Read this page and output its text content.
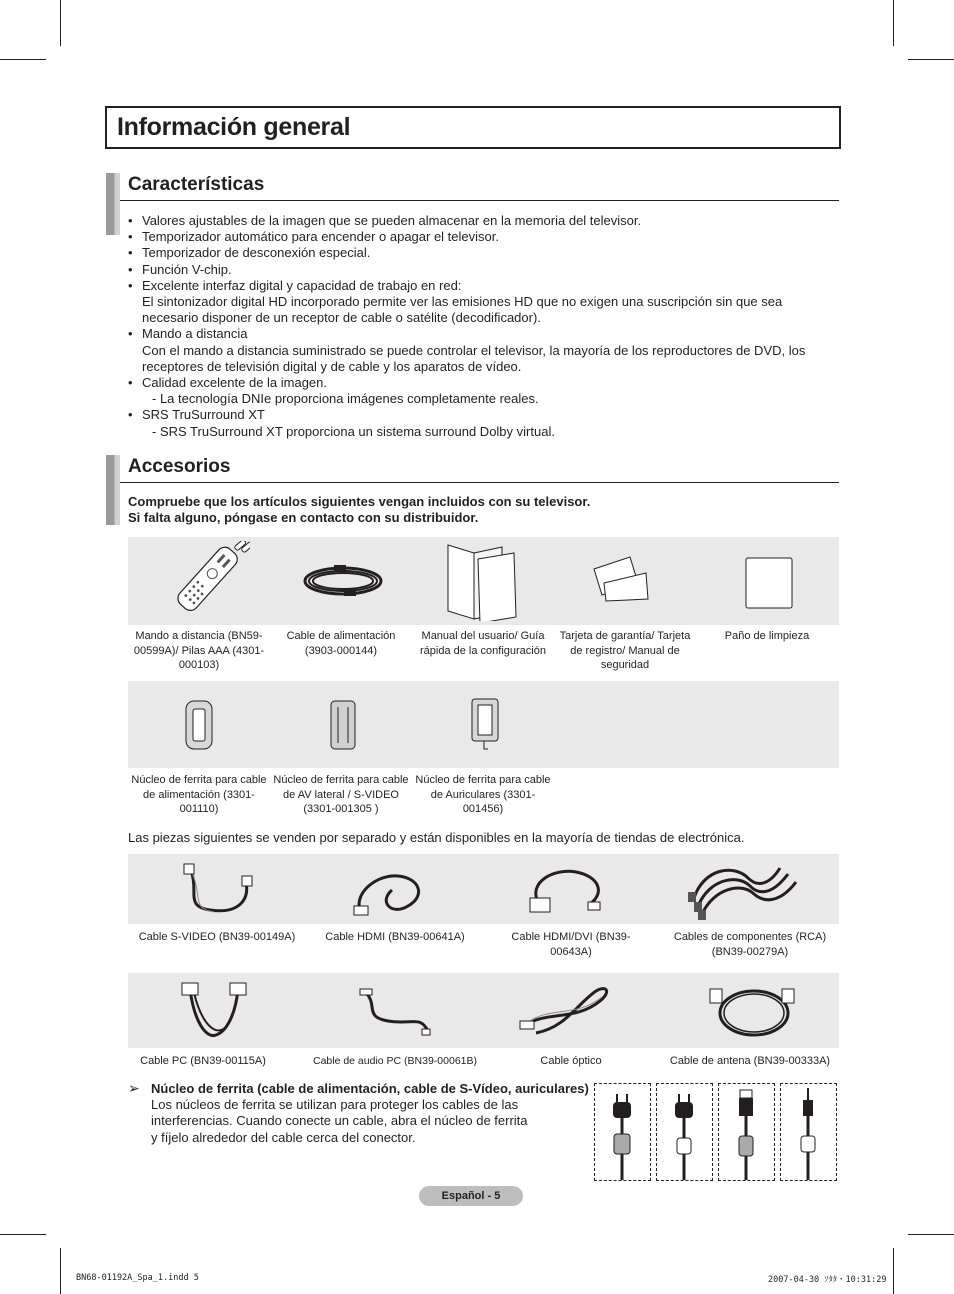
Información general
Características
• Valores ajustables de la imagen que se pueden almacenar en la memoria del televisor.
• Temporizador automático para encender o apagar el televisor.
• Temporizador de desconexión especial.
• Función V-chip.
• Excelente interfaz digital y capacidad de trabajo en red:
El sintonizador digital HD incorporado permite ver las emisiones HD que no exigen una suscripción sin que sea necesario disponer de un receptor de cable o satélite (decodificador).
• Mando a distancia
Con el mando a distancia suministrado se puede controlar el televisor, la mayoría de los reproductores de DVD, los receptores de televisión digital y de cable y los aparatos de vídeo.
• Calidad excelente de la imagen.
- La tecnología DNIe proporciona imágenes completamente reales.
• SRS TruSurround XT
- SRS TruSurround XT proporciona un sistema surround Dolby virtual.
Accesorios
Compruebe que los artículos siguientes vengan incluidos con su televisor.
Si falta alguno, póngase en contacto con su distribuidor.
Mando a distancia (BN59-00599A)/ Pilas AAA (4301-000103)
Cable de alimentación (3903-000144)
Manual del usuario/ Guía rápida de la configuración
Tarjeta de garantía/ Tarjeta de registro/ Manual de seguridad
Paño de limpieza
Núcleo de ferrita para cable de alimentación (3301-001110)
Núcleo de ferrita para cable de AV lateral / S-VIDEO (3301-001305 )
Núcleo de ferrita para cable de Auriculares (3301-001456)
Las piezas siguientes se venden por separado y están disponibles en la mayoría de tiendas de electrónica.
Cable S-VIDEO (BN39-00149A)	Cable HDMI (BN39-00641A)	Cable HDMI/DVI (BN39-00643A)
Cables de componentes (RCA) (BN39-00279A)
Cable PC (BN39-00115A)	Cable de audio PC (BN39-00061B)	Cable óptico	Cable de antena (BN39-00333A)
➢ Núcleo de ferrita (cable de alimentación, cable de S-Vídeo, auriculares)
Los núcleos de ferrita se utilizan para proteger los cables de las interferencias. Cuando conecte un cable, abra el núcleo de ferrita y fíjelo alrededor del cable cerca del conector.
Español - 5
BN68-01192A_Spa_1.indd 5	2007-04-30 ｿﾀﾀ・10:31:29
